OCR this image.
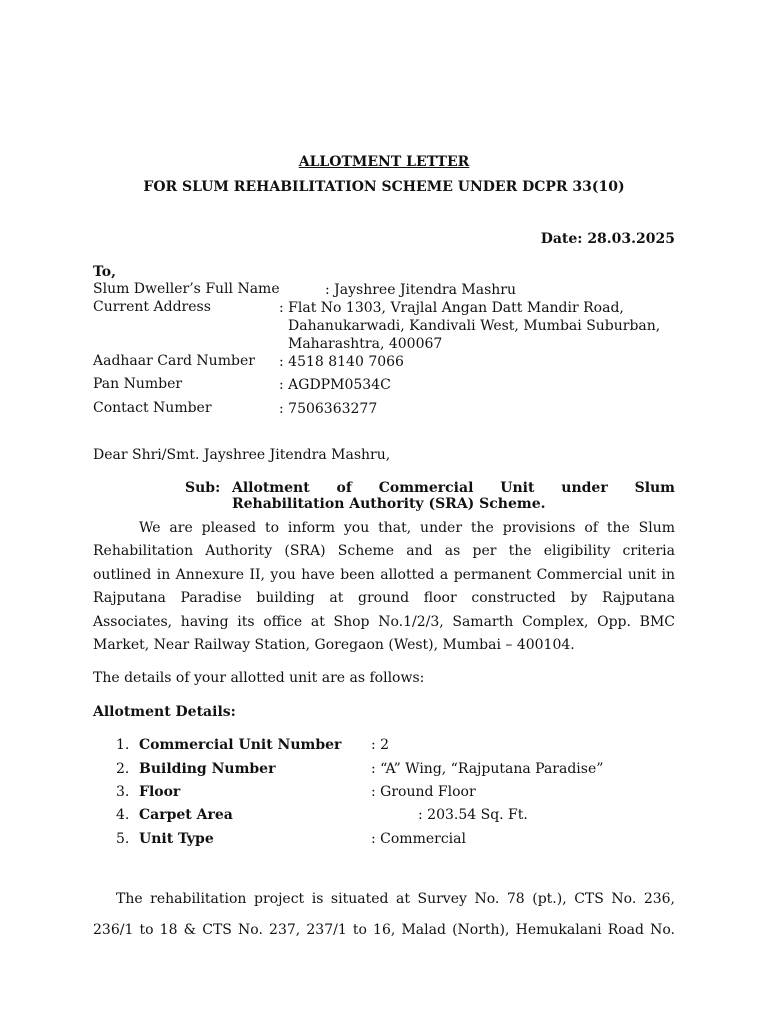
ALLOTMENT LETTER
FOR SLUM REHABILITATION SCHEME UNDER DCPR 33(10)
Date: 28.03.2025
To,
Slum Dweller’s Full Name	: Jayshree Jitendra Mashru
Current Address	: Flat No 1303, Vrajlal Angan Datt Mandir Road,
Dahanukarwadi, Kandivali West, Mumbai Suburban,
Maharashtra, 400067
Aadhaar Card Number : 4518 8140 7066
Pan Number	: AGDPM0534C
Contact Number	: 7506363277
Dear Shri/Smt. Jayshree Jitendra Mashru,
Sub: Allotment of Commercial Unit under Slum
Rehabilitation Authority (SRA) Scheme.
We are pleased to inform you that, under the provisions of the Slum
Rehabilitation Authority (SRA) Scheme and as per the eligibility criteria
outlined in Annexure II, you have been allotted a permanent Commercial unit in
Rajputana Paradise building at ground floor constructed by Rajputana
Associates, having its office at Shop No.1/2/3, Samarth Complex, Opp. BMC
Market, Near Railway Station, Goregaon (West), Mumbai – 400104.
The details of your allotted unit are as follows:
Allotment Details:
1. Commercial Unit Number : 2
2. Building Number	: “A” Wing, “Rajputana Paradise”
3. Floor	: Ground Floor
4. Carpet Area	: 203.54 Sq. Ft.
5. Unit Type	: Commercial
The rehabilitation project is situated at Survey No. 78 (pt.), CTS No. 236,
236/1 to 18 & CTS No. 237, 237/1 to 16, Malad (North), Hemukalani Road No.
